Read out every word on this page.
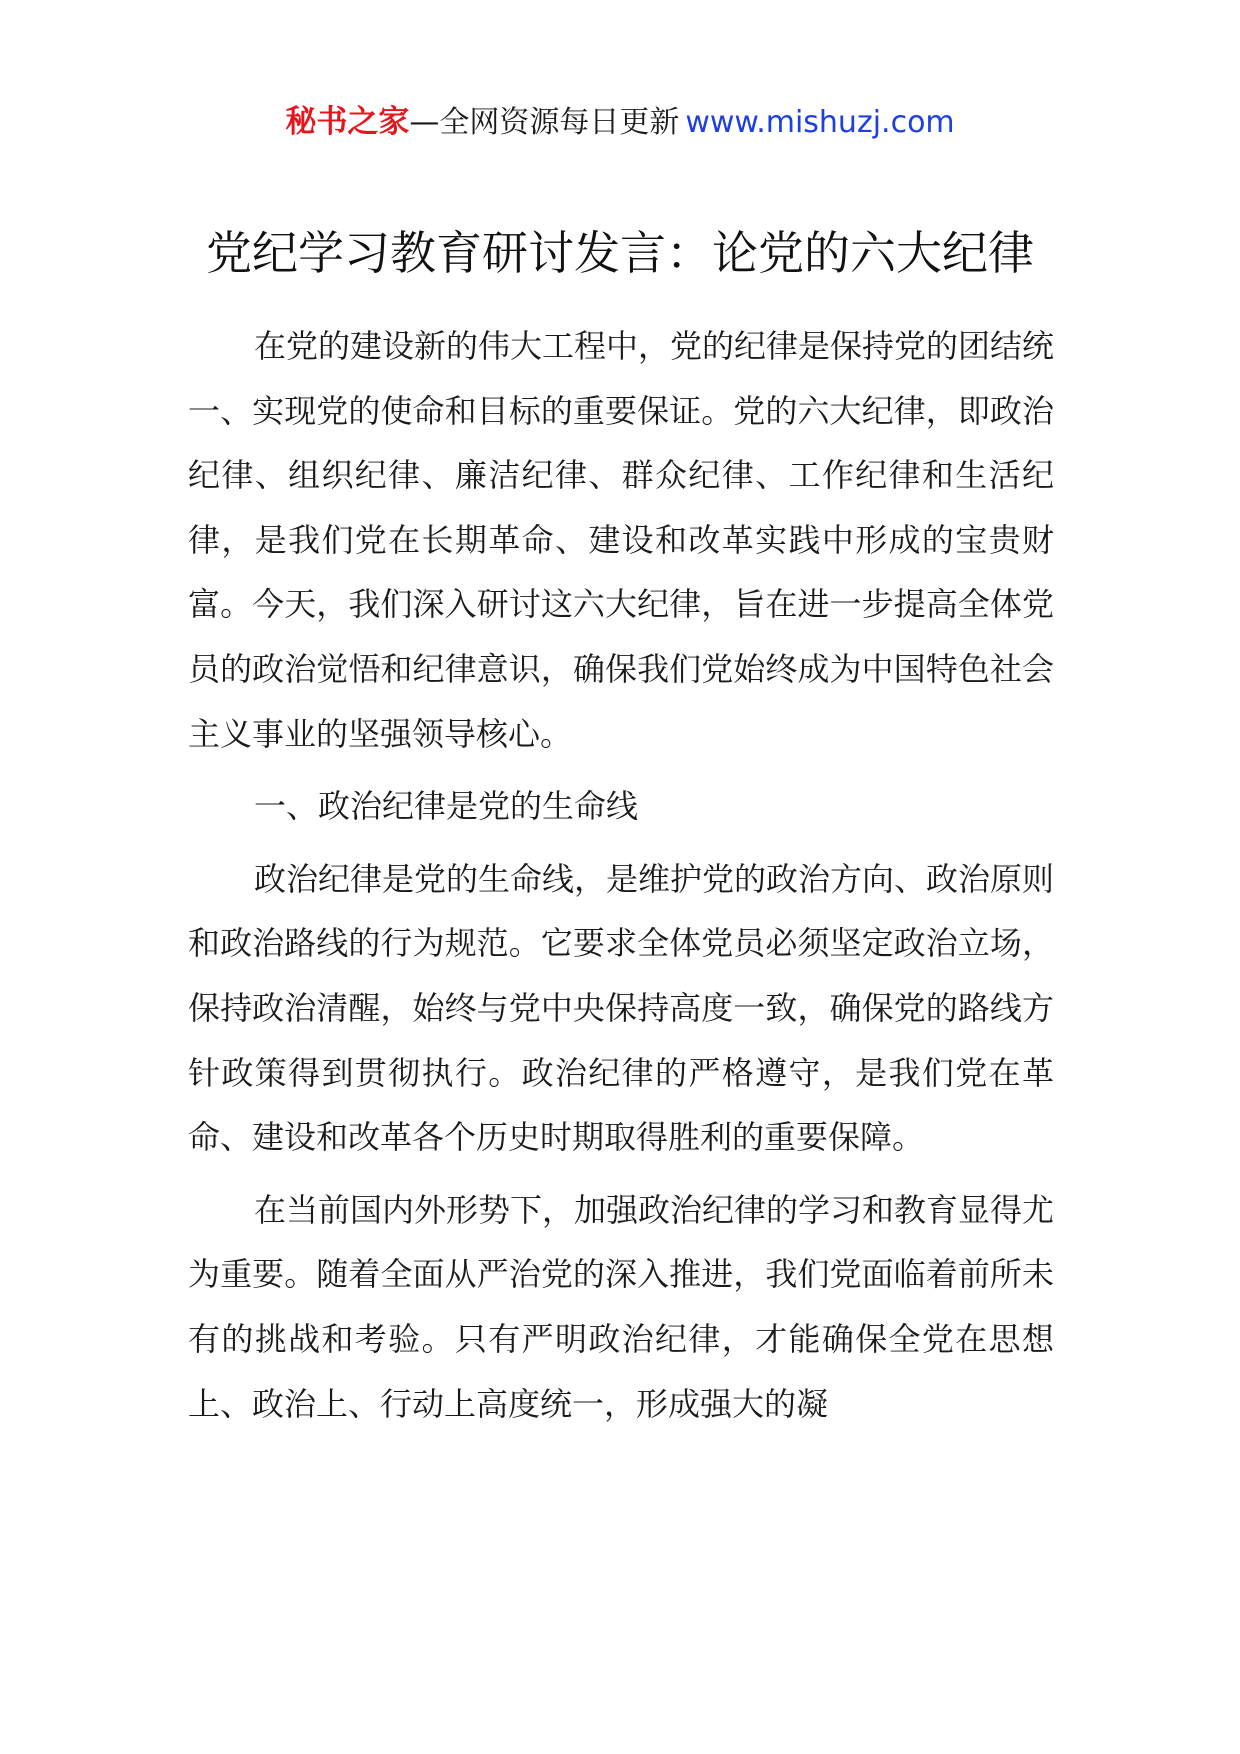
秘书之家—全网资源每日更新 www.mishuzj.com
党纪学习教育研讨发言：论党的六大纪律

在党的建设新的伟大工程中，党的纪律是保持党的团结统一、实现党的使命和目标的重要保证。党的六大纪律，即政治纪律、组织纪律、廉洁纪律、群众纪律、工作纪律和生活纪律，是我们党在长期革命、建设和改革实践中形成的宝贵财富。今天，我们深入研讨这六大纪律，旨在进一步提高全体党员的政治觉悟和纪律意识，确保我们党始终成为中国特色社会主义事业的坚强领导核心。

一、政治纪律是党的生命线

政治纪律是党的生命线，是维护党的政治方向、政治原则和政治路线的行为规范。它要求全体党员必须坚定政治立场，保持政治清醒，始终与党中央保持高度一致，确保党的路线方针政策得到贯彻执行。政治纪律的严格遵守，是我们党在革命、建设和改革各个历史时期取得胜利的重要保障。

在当前国内外形势下，加强政治纪律的学习和教育显得尤为重要。随着全面从严治党的深入推进，我们党面临着前所未有的挑战和考验。只有严明政治纪律，才能确保全党在思想上、政治上、行动上高度统一，形成强大的凝
